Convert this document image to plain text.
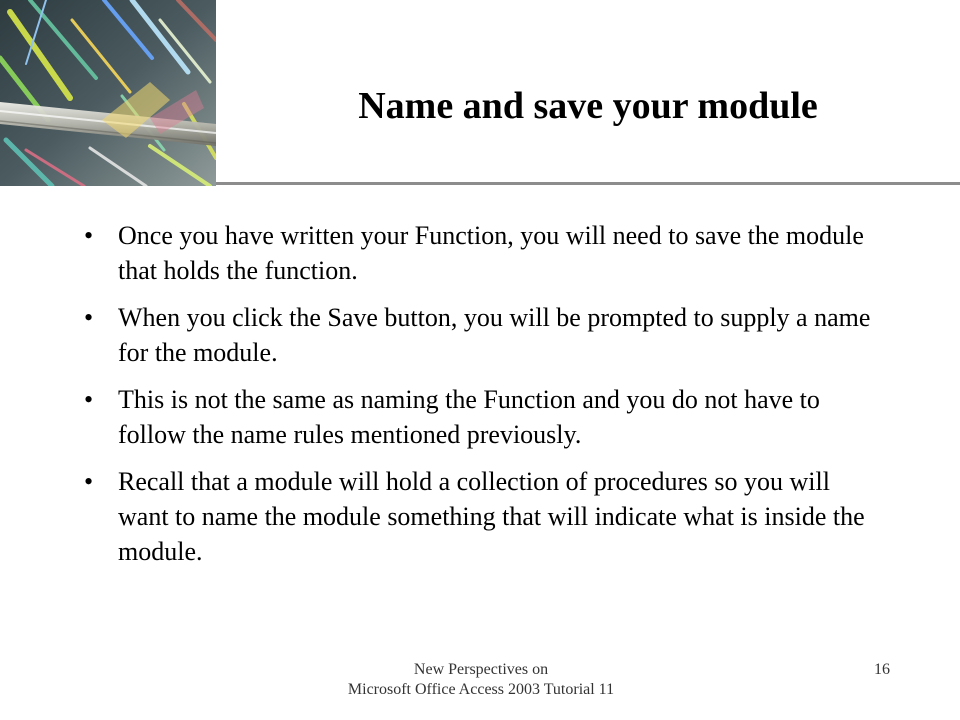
Name and save your module
• Once you have written your Function, you will need to save the module that holds the function.
• When you click the Save button, you will be prompted to supply a name for the module.
• This is not the same as naming the Function and you do not have to follow the name rules mentioned previously.
• Recall that a module will hold a collection of procedures so you will want to name the module something that will indicate what is inside the module.
New Perspectives on
Microsoft Office Access 2003 Tutorial 11
16
